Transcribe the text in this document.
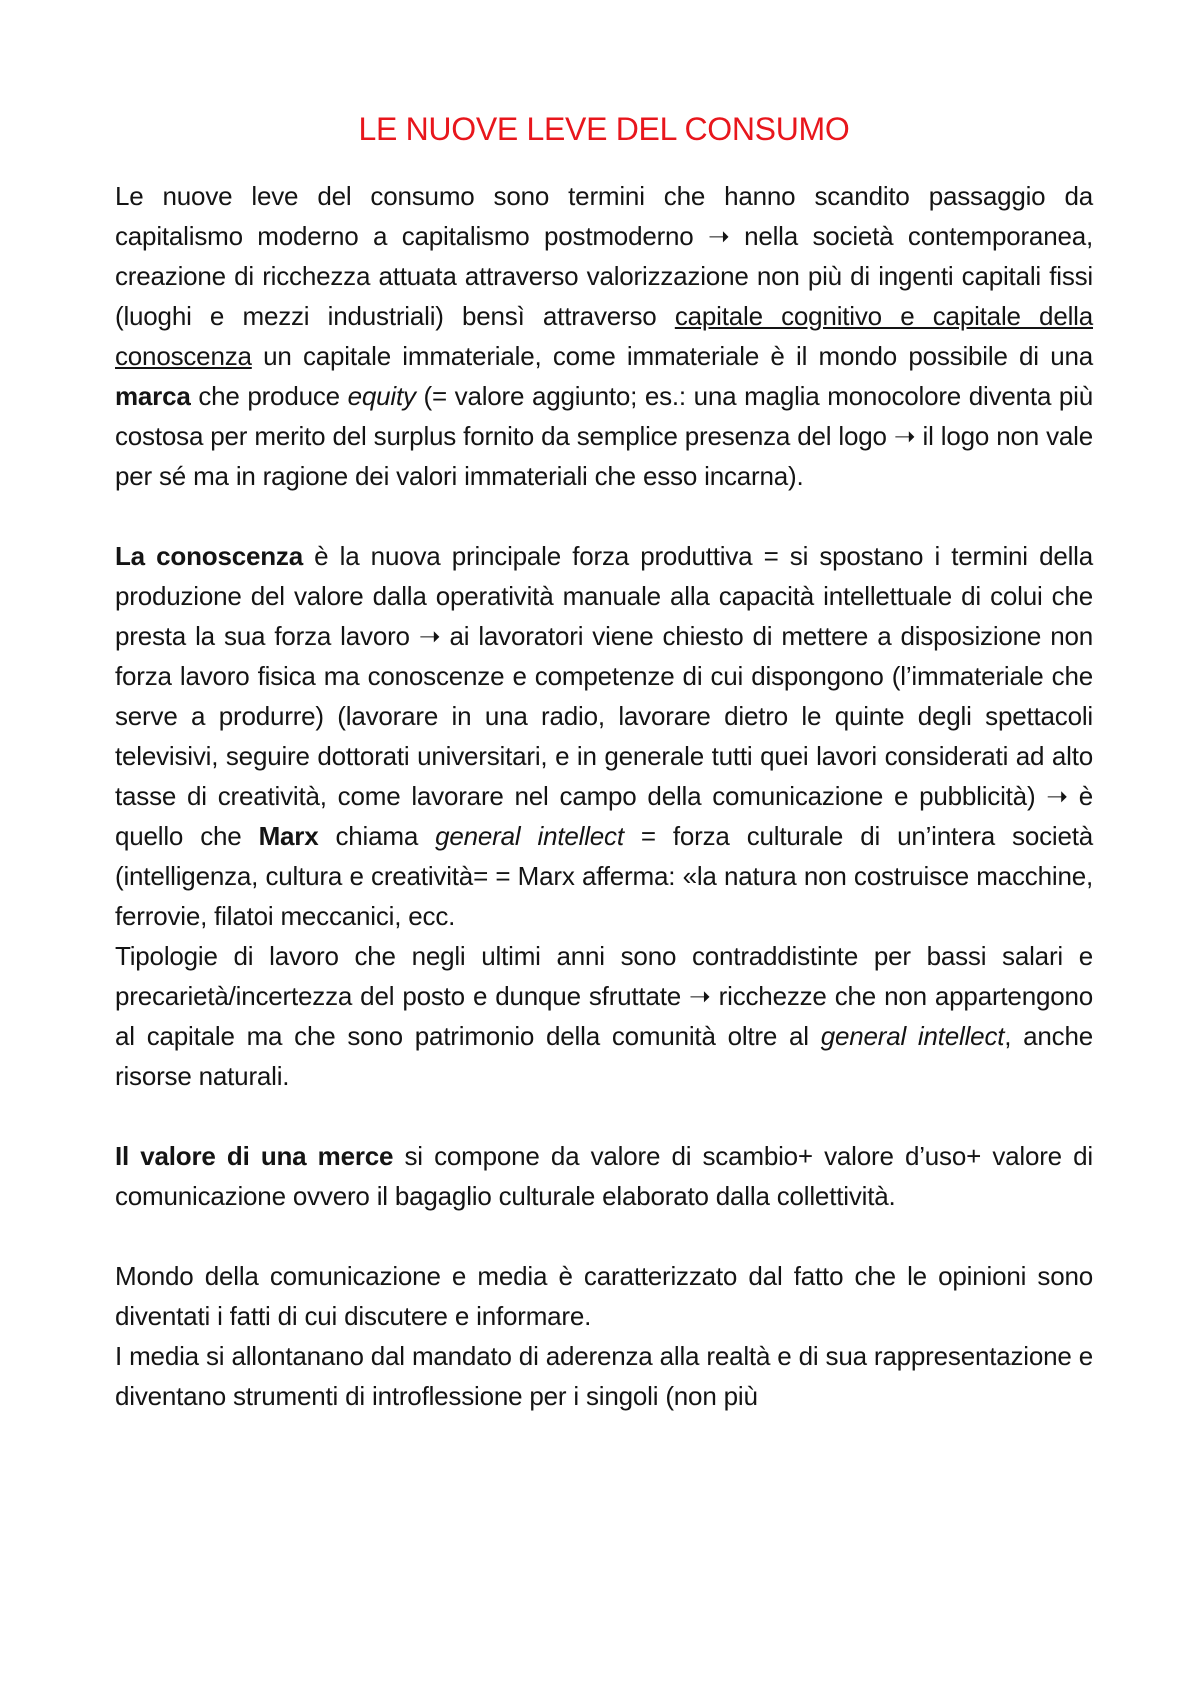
LE NUOVE LEVE DEL CONSUMO

Le nuove leve del consumo sono termini che hanno scandito passaggio da capitalismo moderno a capitalismo postmoderno ➝ nella società contemporanea, creazione di ricchezza attuata attraverso valorizzazione non più di ingenti capitali fissi (luoghi e mezzi industriali) bensì attraverso capitale cognitivo e capitale della conoscenza un capitale immateriale, come immateriale è il mondo possibile di una marca che produce equity (= valore aggiunto; es.: una maglia monocolore diventa più costosa per merito del surplus fornito da semplice presenza del logo ➝ il logo non vale per sé ma in ragione dei valori immateriali che esso incarna).

La conoscenza è la nuova principale forza produttiva = si spostano i termini della produzione del valore dalla operatività manuale alla capacità intellettuale di colui che presta la sua forza lavoro ➝ ai lavoratori viene chiesto di mettere a disposizione non forza lavoro fisica ma conoscenze e competenze di cui dispongono (l’immateriale che serve a produrre) (lavorare in una radio, lavorare dietro le quinte degli spettacoli televisivi, seguire dottorati universitari, e in generale tutti quei lavori considerati ad alto tasse di creatività, come lavorare nel campo della comunicazione e pubblicità) ➝ è quello che Marx chiama general intellect = forza culturale di un’intera società (intelligenza, cultura e creatività= = Marx afferma: «la natura non costruisce macchine, ferrovie, filatoi meccanici, ecc.

Tipologie di lavoro che negli ultimi anni sono contraddistinte per bassi salari e precarietà/incertezza del posto e dunque sfruttate ➝ ricchezze che non appartengono al capitale ma che sono patrimonio della comunità oltre al general intellect, anche risorse naturali.

Il valore di una merce si compone da valore di scambio+ valore d’uso+ valore di comunicazione ovvero il bagaglio culturale elaborato dalla collettività.

Mondo della comunicazione e media è caratterizzato dal fatto che le opinioni sono diventati i fatti di cui discutere e informare.

I media si allontanano dal mandato di aderenza alla realtà e di sua rappresentazione e diventano strumenti di introflessione per i singoli (non più
